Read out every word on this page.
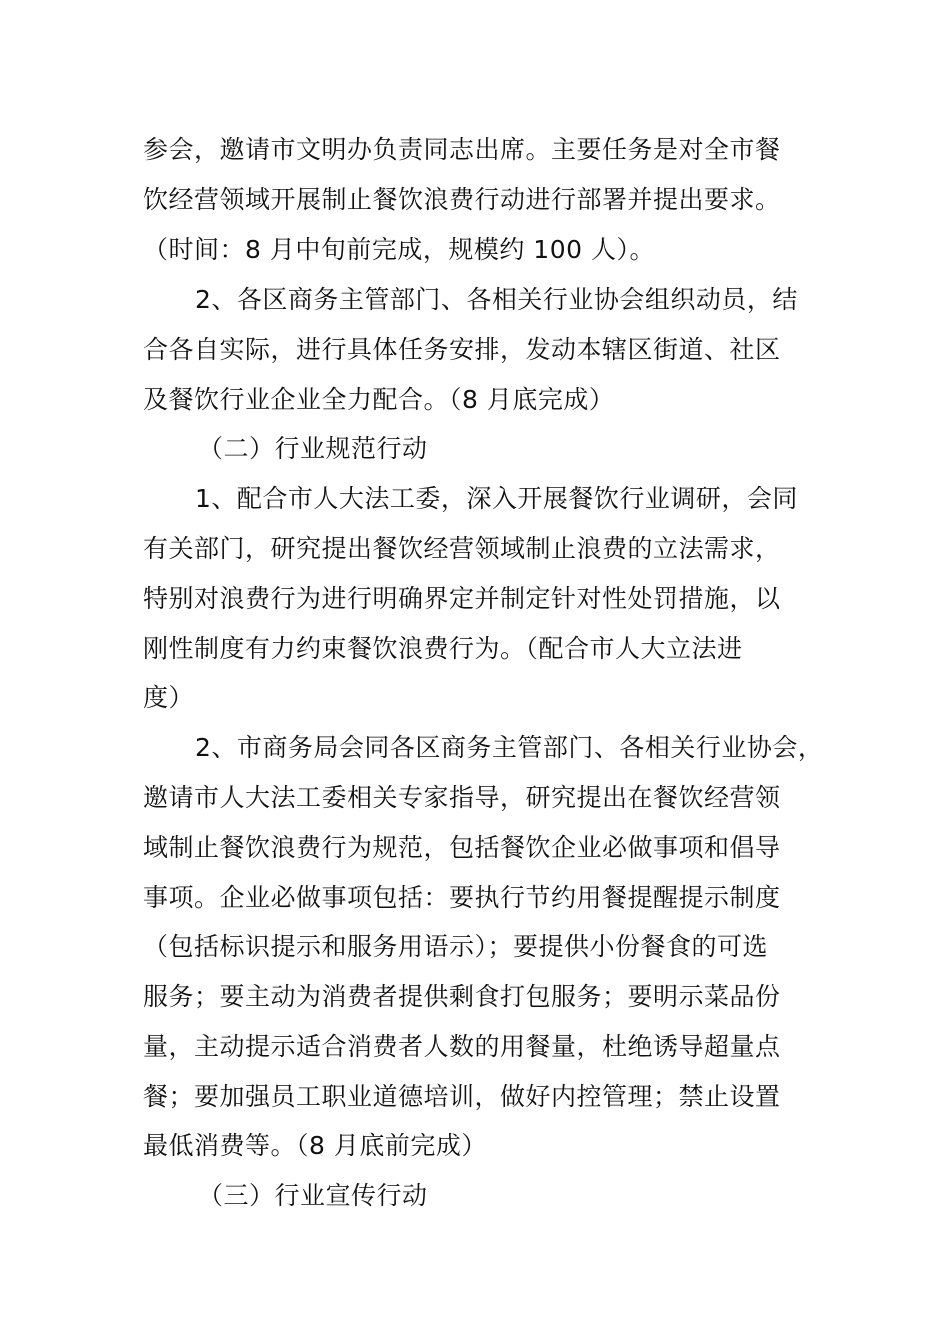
参会，邀请市文明办负责同志出席。主要任务是对全市餐
饮经营领域开展制止餐饮浪费行动进行部署并提出要求。
（时间：8 月中旬前完成，规模约 100 人）。
2、各区商务主管部门、各相关行业协会组织动员，结
合各自实际，进行具体任务安排，发动本辖区街道、社区
及餐饮行业企业全力配合。（8 月底完成）
（二）行业规范行动
1、配合市人大法工委，深入开展餐饮行业调研，会同
有关部门，研究提出餐饮经营领域制止浪费的立法需求，
特别对浪费行为进行明确界定并制定针对性处罚措施，以
刚性制度有力约束餐饮浪费行为。（配合市人大立法进
度）
2、市商务局会同各区商务主管部门、各相关行业协会，
邀请市人大法工委相关专家指导，研究提出在餐饮经营领
域制止餐饮浪费行为规范，包括餐饮企业必做事项和倡导
事项。企业必做事项包括：要执行节约用餐提醒提示制度
（包括标识提示和服务用语示）；要提供小份餐食的可选
服务；要主动为消费者提供剩食打包服务；要明示菜品份
量，主动提示适合消费者人数的用餐量，杜绝诱导超量点
餐；要加强员工职业道德培训，做好内控管理；禁止设置
最低消费等。（8 月底前完成）
（三）行业宣传行动
